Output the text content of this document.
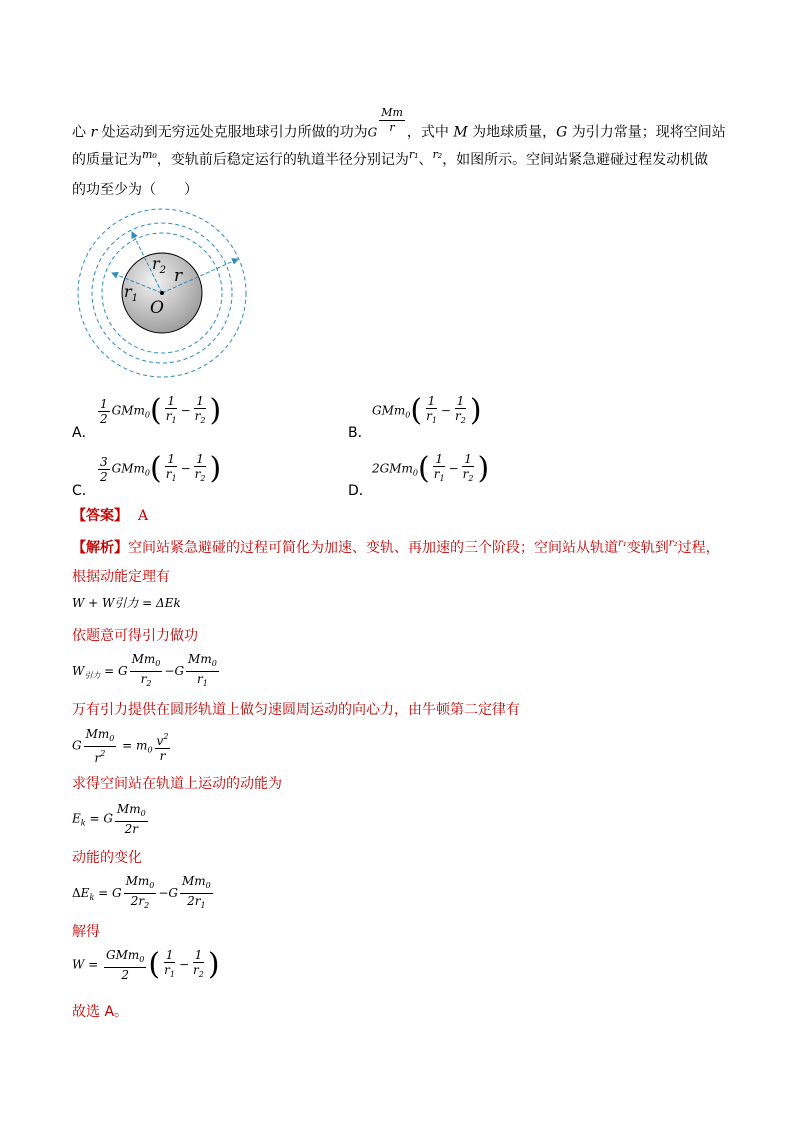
心 r 处运动到无穷远处克服地球引力所做的功为G $\frac{Mm}{r}$ ，式中 M 为地球质量，G 为引力常量；现将空间站
的质量记为$^{m_0}$，变轨前后稳定运行的轨道半径分别记为$^{r_1}$、$^{r_2}$，如图所示。空间站紧急避碰过程发动机做
的功至少为（　　）
$r_2$ r
$r_1$ O
A．
$\frac{1}{2} GMm_0( \frac{1}{r_1} - \frac{1}{r_2}$ )
B．
$GMm_0( \frac{1}{r_1} - \frac{1}{r_2}$ )
C．
$\frac{3}{2} GMm_0( \frac{1}{r_1} - \frac{1}{r_2}$ )
D．
$2GMm_0( \frac{1}{r_1} - \frac{1}{r_2}$ )
【答案】 A
【解析】空间站紧急避碰的过程可简化为加速、变轨、再加速的三个阶段；空间站从轨道$^{r_1}$变轨到$^{r_2}$过程，
根据动能定理有
W + W引力 = ΔEk
依题意可得引力做功
$W_{引力} = G \frac{Mm_0}{r_2} -G \frac{Mm_0}{r_1}$
万有引力提供在圆形轨道上做匀速圆周运动的向心力，由牛顿第二定律有
G $\frac{Mm_0}{r^2} = m_0 \frac{v^2}{r}$
求得空间站在轨道上运动的动能为
$E_k = G \frac{Mm_0}{2r}$
动能的变化
$\Delta E_k = G \frac{Mm_0}{2r_2} -G \frac{Mm_0}{2r_1}$
解得
$W = \frac{GMm_0}{2}$ ( $\frac{1}{r_1} - \frac{1}{r_2}$ )
故选 A。
